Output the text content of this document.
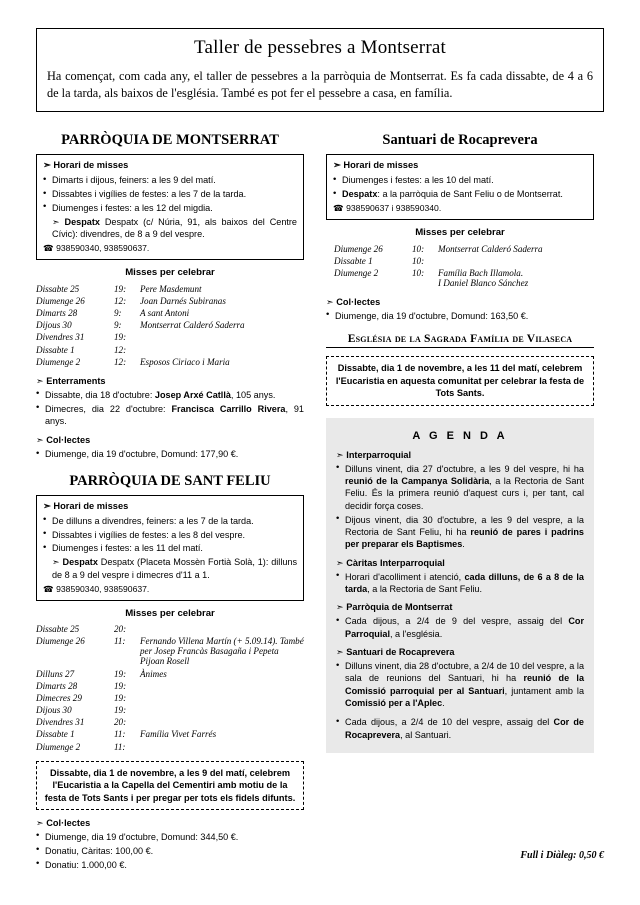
Taller de pessebres a Montserrat
Ha començat, com cada any, el taller de pessebres a la parròquia de Montserrat. Es fa cada dissabte, de 4 a 6 de la tarda, als baixos de l'església. També es pot fer el pessebre a casa, en família.
PARRÒQUIA DE MONTSERRAT
➣ Horari de misses
• Dimarts i dijous, feiners: a les 9 del matí.
• Dissabtes i vigílies de festes: a les 7 de la tarda.
• Diumenges i festes: a les 12 del migdia.
➣ Despatx Despatx (c/ Núria, 91, als baixos del Centre Cívic): divendres, de 8 a 9 del vespre.
☎ 938590340, 938590637.
Misses per celebrar
Dissabte 25	19:	Pere Masdemunt
Diumenge 26	12:	Joan Darnés Subiranas
Dimarts 28	9:	A sant Antoni
Dijous 30	9:	Montserrat Calderó Saderra
Divendres 31	19:	
Dissabte 1	12:	
Diumenge 2	12:	Esposos Ciriaco i Maria
➣ Enterraments
• Dissabte, dia 18 d'octubre: Josep Arxé Catllà, 105 anys.
• Dimecres, dia 22 d'octubre: Francisca Carrillo Rivera, 91 anys.
➣ Col·lectes
• Diumenge, dia 19 d'octubre, Domund: 177,90 €.
PARRÒQUIA DE SANT FELIU
➣ Horari de misses
• De dilluns a divendres, feiners: a les 7 de la tarda.
• Dissabtes i vigílies de festes: a les 8 del vespre.
• Diumenges i festes: a les 11 del matí.
➣ Despatx Despatx (Placeta Mossèn Fortià Solà, 1): dilluns de 8 a 9 del vespre i dimecres d'11 a 1.
☎ 938590340, 938590637.
Misses per celebrar
Dissabte 25	20:	
Diumenge 26	11:	Fernando Villena Martín (+ 5.09.14). També per Josep Francàs Basagaña i Pepeta Pijoan Rosell
Dilluns 27	19:	Ànimes
Dimarts 28	19:	
Dimecres 29	19:	
Dijous 30	19:	
Divendres 31	20:	
Dissabte 1	11:	Família Vivet Farrés
Diumenge 2	11:	
Dissabte, dia 1 de novembre, a les 9 del matí, celebrem l'Eucaristia a la Capella del Cementiri amb motiu de la festa de Tots Sants i per pregar per tots els fidels difunts.
➣ Col·lectes
• Diumenge, dia 19 d'octubre, Domund: 344,50 €.
• Donatiu, Càritas: 100,00 €.
• Donatiu: 1.000,00 €.
Santuari de Rocaprevera
➣ Horari de misses
• Diumenges i festes: a les 10 del matí.
• Despatx: a la parròquia de Sant Feliu o de Montserrat.
☎ 938590637 i 938590340.
Misses per celebrar
Diumenge 26	10:	Montserrat Calderó Saderra
Dissabte 1	10:	
Diumenge 2	10:	Família Bach Illamola.
I Daniel Blanco Sánchez
➣ Col·lectes
• Diumenge, dia 19 d'octubre, Domund: 163,50 €.
Església de la Sagrada Família de Vilaseca
Dissabte, dia 1 de novembre, a les 11 del matí, celebrem l'Eucaristia en aquesta comunitat per celebrar la festa de Tots Sants.
A G E N D A
➣ Interparroquial
• Dilluns vinent, dia 27 d'octubre, a les 9 del vespre, hi ha reunió de la Campanya Solidària, a la Rectoria de Sant Feliu. És la primera reunió d'aquest curs i, per tant, cal decidir força coses.
• Dijous vinent, dia 30 d'octubre, a les 9 del vespre, a la Rectoria de Sant Feliu, hi ha reunió de pares i padrins per preparar els Baptismes.
➣ Càritas Interparroquial
• Horari d'acolliment i atenció, cada dilluns, de 6 a 8 de la tarda, a la Rectoria de Sant Feliu.
➣ Parròquia de Montserrat
• Cada dijous, a 2/4 de 9 del vespre, assaig del Cor Parroquial, a l'església.
➣ Santuari de Rocaprevera
• Dilluns vinent, dia 28 d'octubre, a 2/4 de 10 del vespre, a la sala de reunions del Santuari, hi ha reunió de la Comissió parroquial per al Santuari, juntament amb la Comissió per a l'Aplec.
• Cada dijous, a 2/4 de 10 del vespre, assaig del Cor de Rocaprevera, al Santuari.
Full i Diàleg: 0,50 €
